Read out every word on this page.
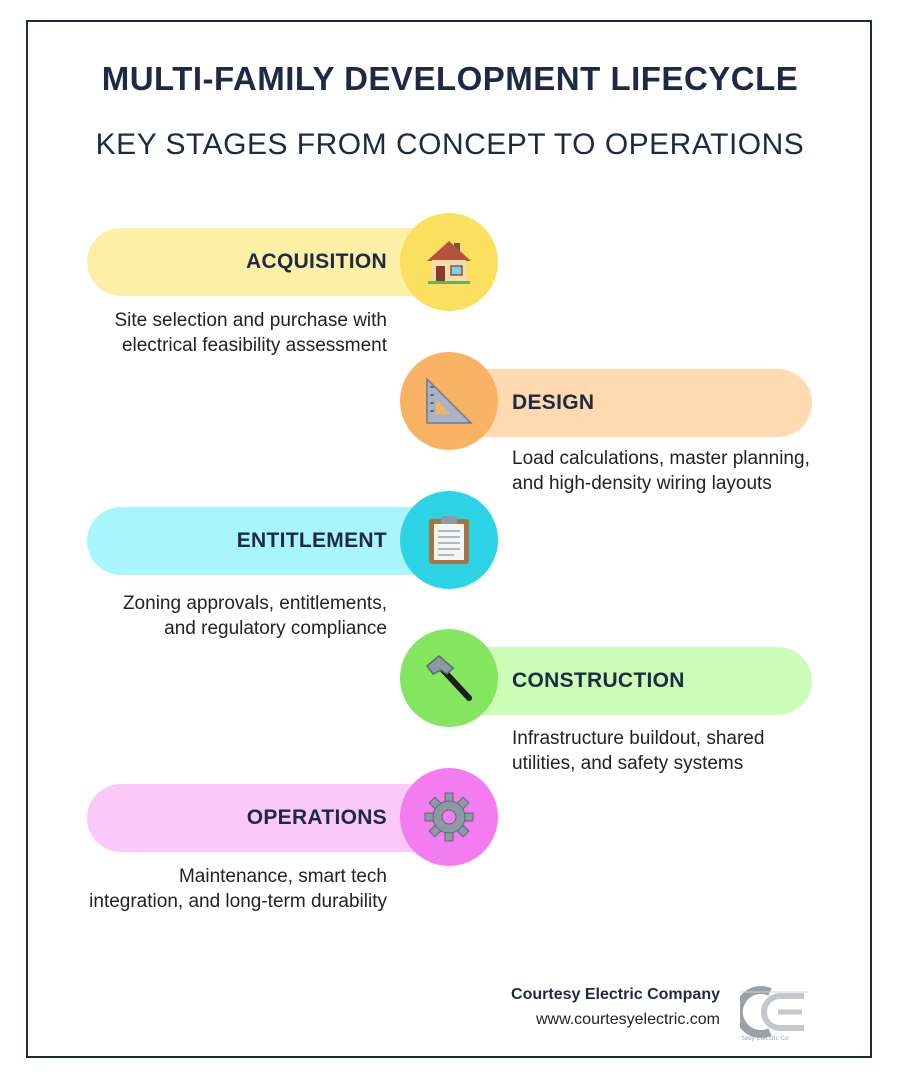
MULTI-FAMILY DEVELOPMENT LIFECYCLE
KEY STAGES FROM CONCEPT TO OPERATIONS
ACQUISITION
Site selection and purchase with electrical feasibility assessment
DESIGN
Load calculations, master planning, and high-density wiring layouts
ENTITLEMENT
Zoning approvals, entitlements, and regulatory compliance
CONSTRUCTION
Infrastructure buildout, shared utilities, and safety systems
OPERATIONS
Maintenance, smart tech integration, and long-term durability
Courtesy Electric Company
www.courtesyelectric.com
tesy Electric Co
